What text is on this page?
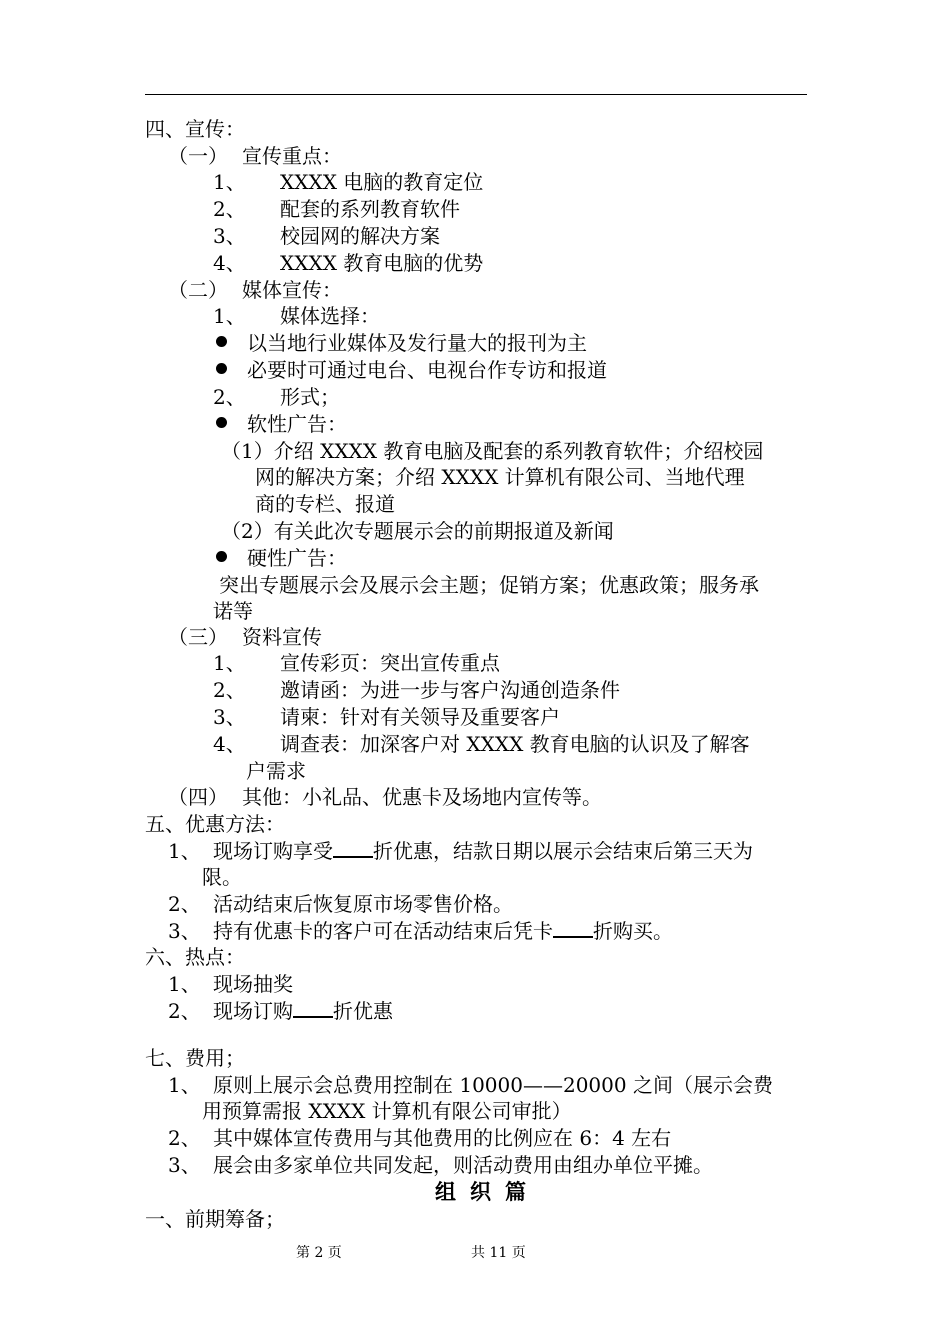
四、宣传：
（一） 宣传重点：
1、 XXXX 电脑的教育定位
2、 配套的系列教育软件
3、 校园网的解决方案
4、 XXXX 教育电脑的优势
（二） 媒体宣传：
1、 媒体选择：
以当地行业媒体及发行量大的报刊为主
必要时可通过电台、电视台作专访和报道
2、 形式；
软性广告：
（1）介绍 XXXX 教育电脑及配套的系列教育软件；介绍校园
网的解决方案；介绍 XXXX 计算机有限公司、当地代理
商的专栏、报道
（2）有关此次专题展示会的前期报道及新闻
硬性广告：
突出专题展示会及展示会主题；促销方案；优惠政策；服务承
诺等
（三） 资料宣传
1、 宣传彩页：突出宣传重点
2、 邀请函：为进一步与客户沟通创造条件
3、 请柬：针对有关领导及重要客户
4、 调查表：加深客户对 XXXX 教育电脑的认识及了解客
户需求
（四） 其他：小礼品、优惠卡及场地内宣传等。
五、优惠方法：
1、 现场订购享受 折优惠，结款日期以展示会结束后第三天为
限。
2、 活动结束后恢复原市场零售价格。
3、 持有优惠卡的客户可在活动结束后凭卡 折购买。
六、热点：
1、 现场抽奖
2、 现场订购 折优惠
七、费用；
1、 原则上展示会总费用控制在 10000——20000 之间（展示会费
用预算需报 XXXX 计算机有限公司审批）
2、 其中媒体宣传费用与其他费用的比例应在 6：4 左右
3、 展会由多家单位共同发起，则活动费用由组办单位平摊。
组织篇
一、前期筹备；
第 2 页	共 11 页
